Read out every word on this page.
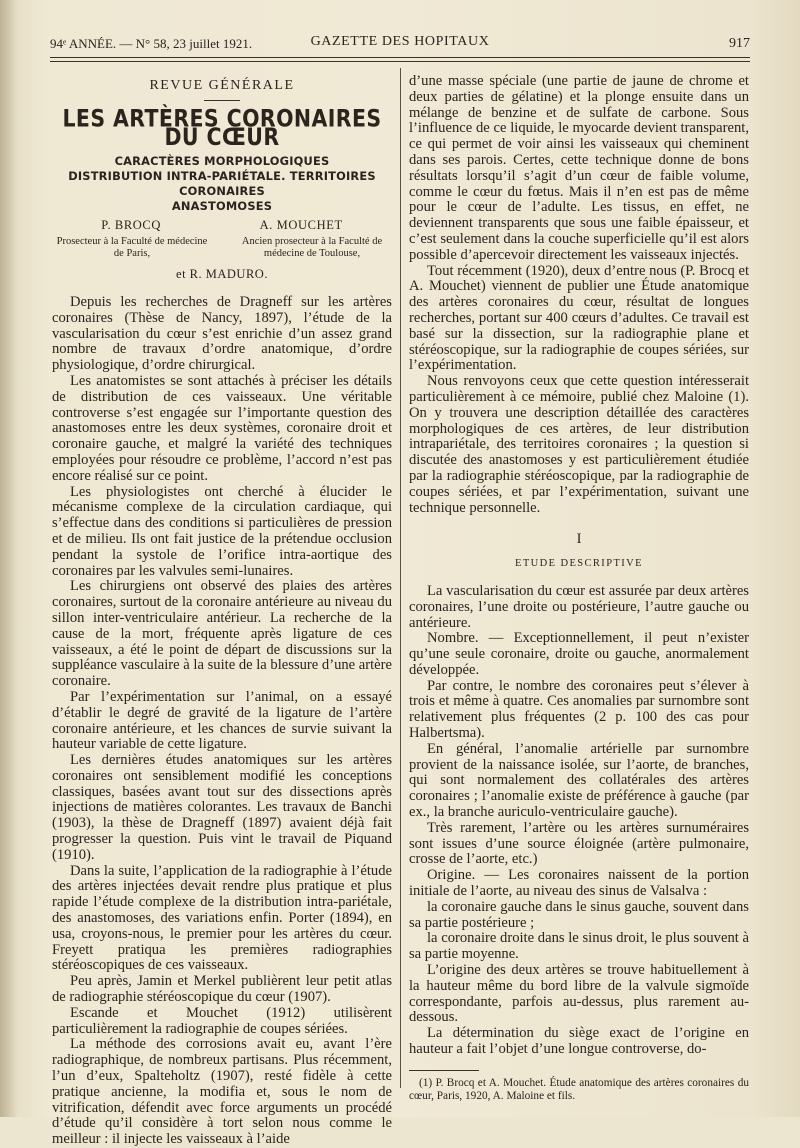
94ᵉ ANNÉE. — N° 58, 23 juillet 1921.	GAZETTE DES HOPITAUX	917
REVUE GÉNÉRALE
LES ARTÈRES CORONAIRES DU CŒUR
CARACTÈRES MORPHOLOGIQUES
DISTRIBUTION INTRA-PARIÉTALE. TERRITOIRES CORONAIRES
ANASTOMOSES
P. BROCQ	A. MOUCHET
Prosecteur à la Faculté de médecine de Paris,
Ancien prosecteur à la Faculté de médecine de Toulouse,
et R. MADURO.

Depuis les recherches de Dragneff sur les artères coronaires (Thèse de Nancy, 1897), l’étude de la vascularisation du cœur s’est enrichie d’un assez grand nombre de travaux d’ordre anatomique, d’ordre physiologique, d’ordre chirurgical.

Les anatomistes se sont attachés à préciser les détails de distribution de ces vaisseaux. Une véritable controverse s’est engagée sur l’importante question des anastomoses entre les deux systèmes, coronaire droit et coronaire gauche, et malgré la variété des techniques employées pour résoudre ce problème, l’accord n’est pas encore réalisé sur ce point.

Les physiologistes ont cherché à élucider le mécanisme complexe de la circulation cardiaque, qui s’effectue dans des conditions si particulières de pression et de milieu. Ils ont fait justice de la prétendue occlusion pendant la systole de l’orifice intra-aortique des coronaires par les valvules semi-lunaires.

Les chirurgiens ont observé des plaies des artères coronaires, surtout de la coronaire antérieure au niveau du sillon inter-ventriculaire antérieur. La recherche de la cause de la mort, fréquente après ligature de ces vaisseaux, a été le point de départ de discussions sur la suppléance vasculaire à la suite de la blessure d’une artère coronaire.

Par l’expérimentation sur l’animal, on a essayé d’établir le degré de gravité de la ligature de l’artère coronaire antérieure, et les chances de survie suivant la hauteur variable de cette ligature.

Les dernières études anatomiques sur les artères coronaires ont sensiblement modifié les conceptions classiques, basées avant tout sur des dissections après injections de matières colorantes. Les travaux de Banchi (1903), la thèse de Dragneff (1897) avaient déjà fait progresser la question. Puis vint le travail de Piquand (1910).

Dans la suite, l’application de la radiographie à l’étude des artères injectées devait rendre plus pratique et plus rapide l’étude complexe de la distribution intra-pariétale, des anastomoses, des variations enfin. Porter (1894), en usa, croyons-nous, le premier pour les artères du cœur. Freyett pratiqua les premières radiographies stéréoscopiques de ces vaisseaux.

Peu après, Jamin et Merkel publièrent leur petit atlas de radiographie stéréoscopique du cœur (1907).

Escande et Mouchet (1912) utilisèrent particulièrement la radiographie de coupes sériées.

La méthode des corrosions avait eu, avant l’ère radiographique, de nombreux partisans. Plus récemment, l’un d’eux, Spalteholtz (1907), resté fidèle à cette pratique ancienne, la modifia et, sous le nom de vitrification, défendit avec force arguments un procédé d’étude qu’il considère à tort selon nous comme le meilleur : il injecte les vaisseaux à l’aide

d’une masse spéciale (une partie de jaune de chrome et deux parties de gélatine) et la plonge ensuite dans un mélange de benzine et de sulfate de carbone. Sous l’influence de ce liquide, le myocarde devient transparent, ce qui permet de voir ainsi les vaisseaux qui cheminent dans ses parois. Certes, cette technique donne de bons résultats lorsqu’il s’agit d’un cœur de faible volume, comme le cœur du fœtus. Mais il n’en est pas de même pour le cœur de l’adulte. Les tissus, en effet, ne deviennent transparents que sous une faible épaisseur, et c’est seulement dans la couche superficielle qu’il est alors possible d’apercevoir directement les vaisseaux injectés.

Tout récemment (1920), deux d’entre nous (P. Brocq et A. Mouchet) viennent de publier une Étude anatomique des artères coronaires du cœur, résultat de longues recherches, portant sur 400 cœurs d’adultes. Ce travail est basé sur la dissection, sur la radiographie plane et stéréoscopique, sur la radiographie de coupes sériées, sur l’expérimentation.

Nous renvoyons ceux que cette question intéresserait particulièrement à ce mémoire, publié chez Maloine (1). On y trouvera une description détaillée des caractères morphologiques de ces artères, de leur distribution intrapariétale, des territoires coronaires ; la question si discutée des anastomoses y est particulièrement étudiée par la radiographie stéréoscopique, par la radiographie de coupes sériées, et par l’expérimentation, suivant une technique personnelle.

I
ETUDE DESCRIPTIVE

La vascularisation du cœur est assurée par deux artères coronaires, l’une droite ou postérieure, l’autre gauche ou antérieure.

Nombre. — Exceptionnellement, il peut n’exister qu’une seule coronaire, droite ou gauche, anormalement développée.

Par contre, le nombre des coronaires peut s’élever à trois et même à quatre. Ces anomalies par surnombre sont relativement plus fréquentes (2 p. 100 des cas pour Halbertsma).

En général, l’anomalie artérielle par surnombre provient de la naissance isolée, sur l’aorte, de branches, qui sont normalement des collatérales des artères coronaires ; l’anomalie existe de préférence à gauche (par ex., la branche auriculo-ventriculaire gauche).

Très rarement, l’artère ou les artères surnuméraires sont issues d’une source éloignée (artère pulmonaire, crosse de l’aorte, etc.)

Origine. — Les coronaires naissent de la portion initiale de l’aorte, au niveau des sinus de Valsalva :

la coronaire gauche dans le sinus gauche, souvent dans sa partie postérieure ;

la coronaire droite dans le sinus droit, le plus souvent à sa partie moyenne.

L’origine des deux artères se trouve habituellement à la hauteur même du bord libre de la valvule sigmoïde correspondante, parfois au-dessus, plus rarement au-dessous.

La détermination du siège exact de l’origine en hauteur a fait l’objet d’une longue controverse, do-

(1) P. Brocq et A. Mouchet. Étude anatomique des artères coronaires du cœur, Paris, 1920, A. Maloine et fils.
